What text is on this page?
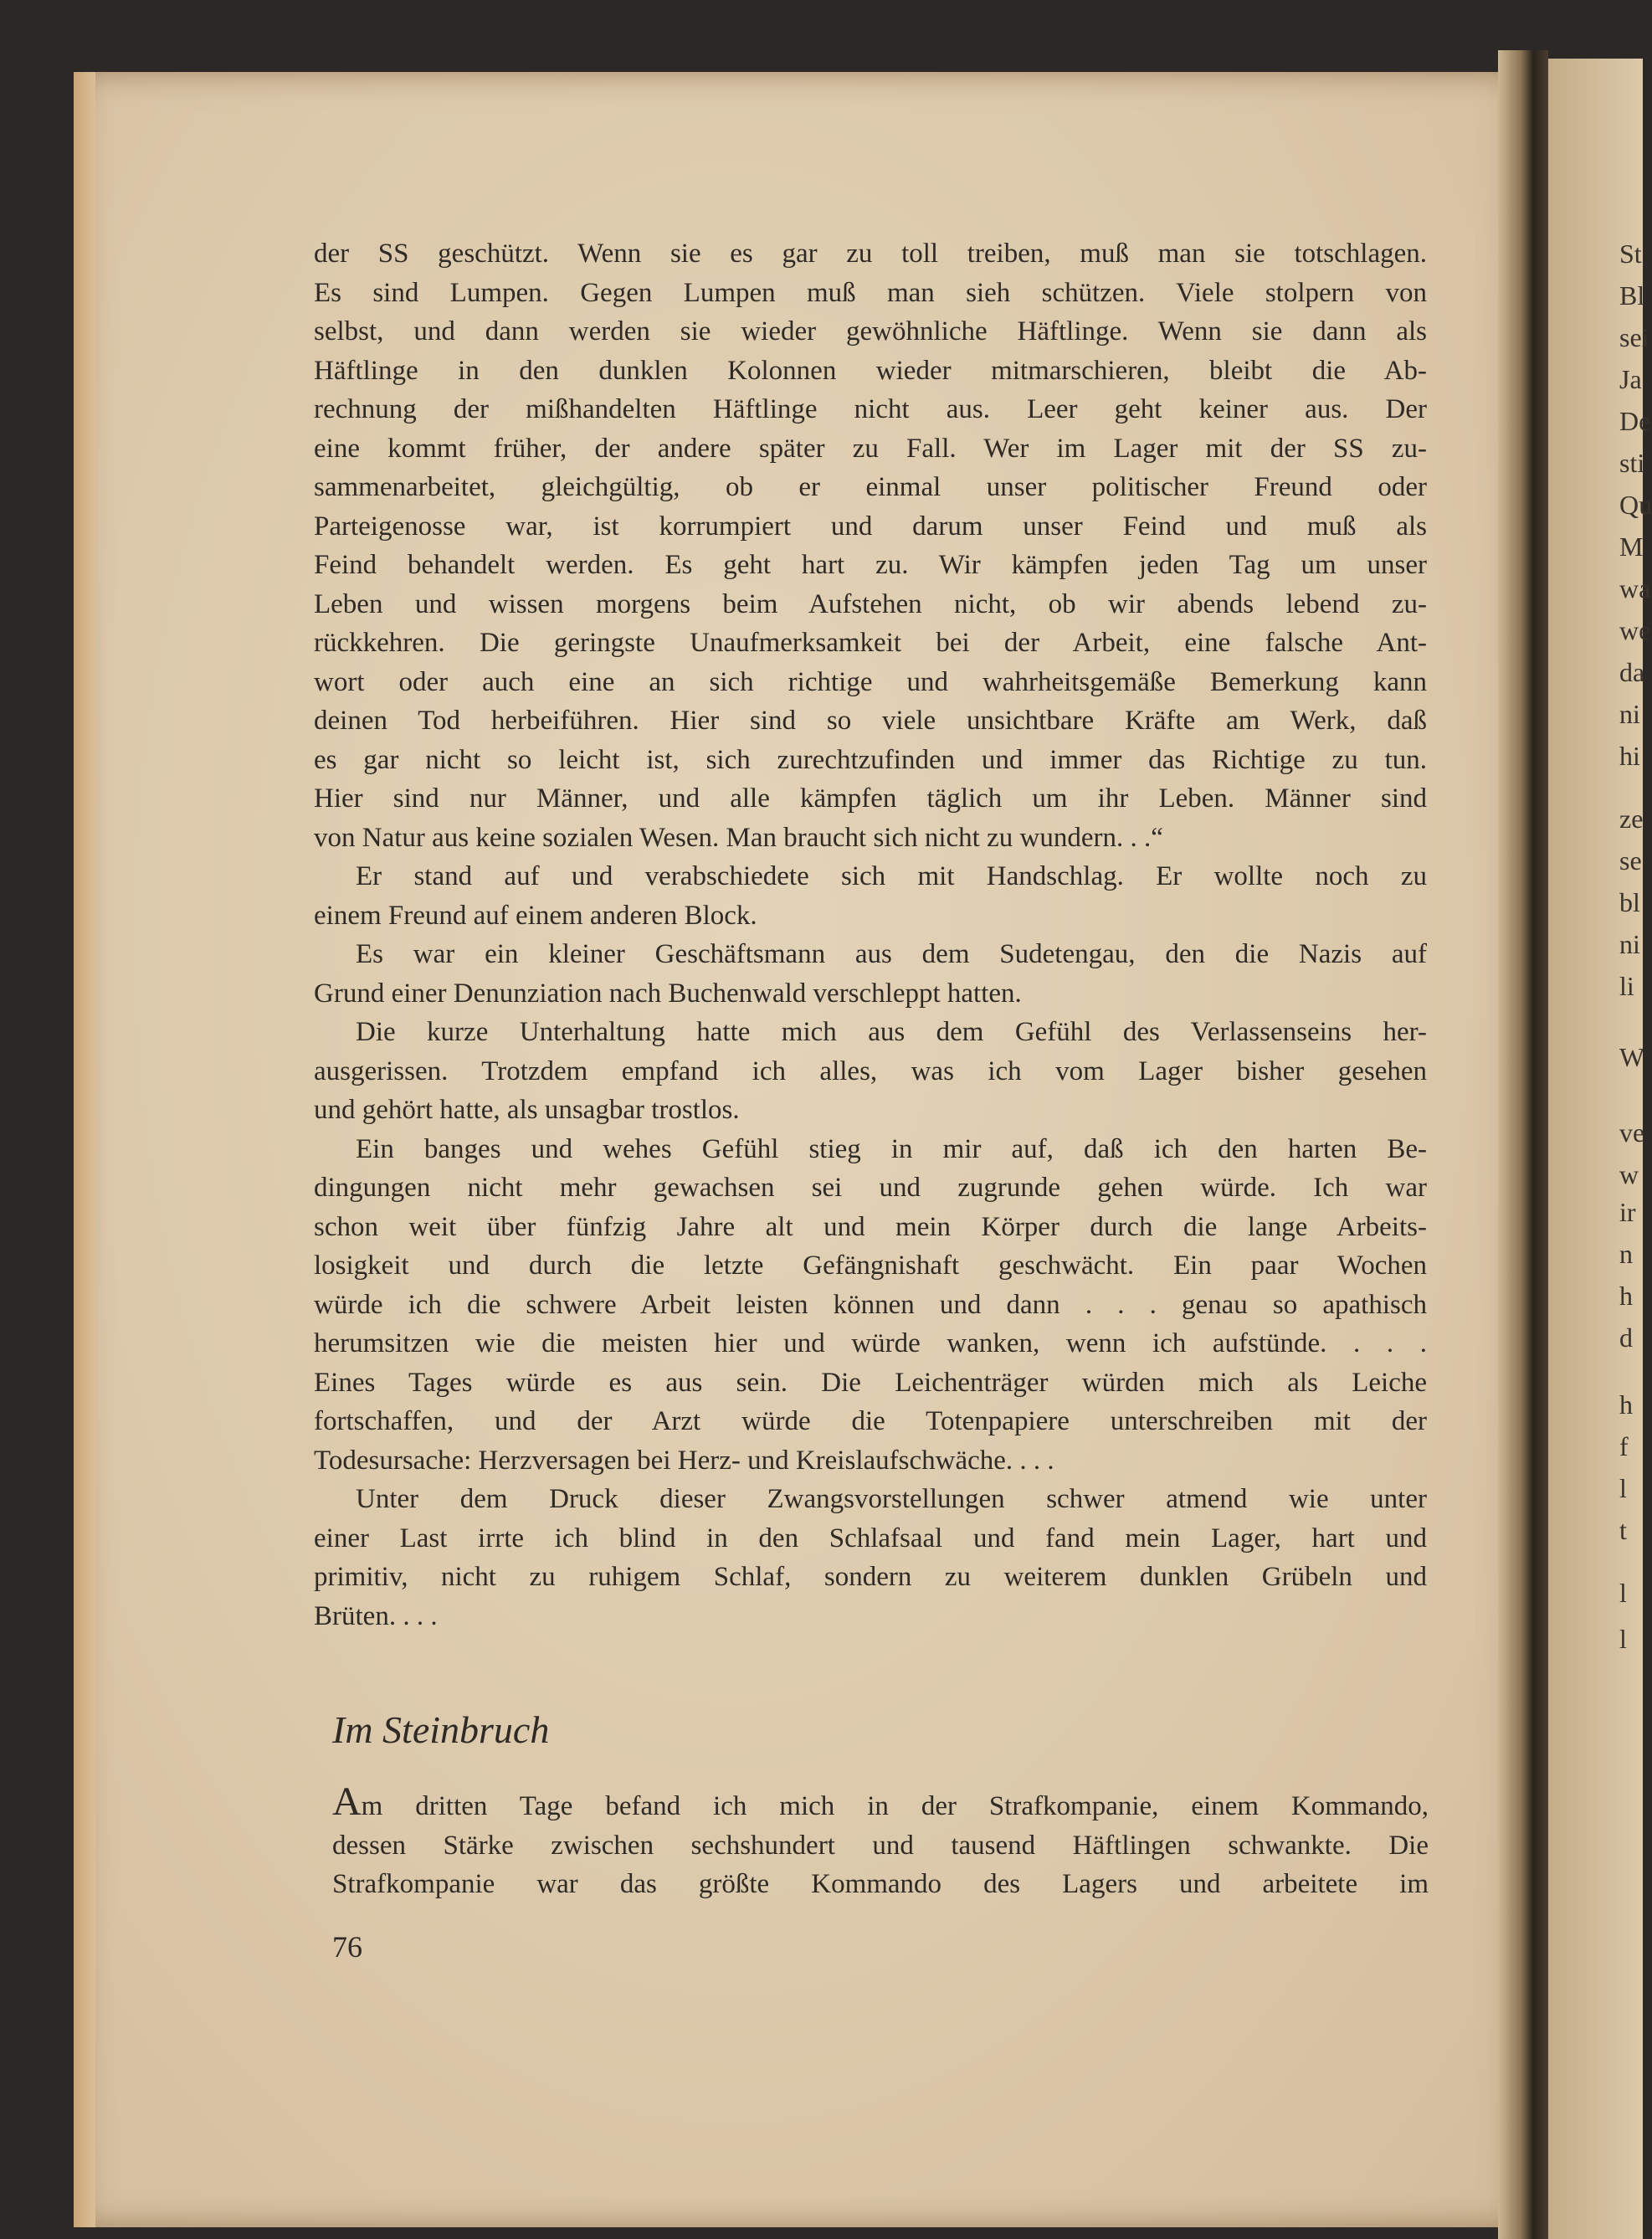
der SS geschützt. Wenn sie es gar zu toll treiben, muß man sie totschlagen.
Es sind Lumpen. Gegen Lumpen muß man sieh schützen. Viele stolpern von
selbst, und dann werden sie wieder gewöhnliche Häftlinge. Wenn sie dann als
Häftlinge in den dunklen Kolonnen wieder mitmarschieren, bleibt die Ab-
rechnung der mißhandelten Häftlinge nicht aus. Leer geht keiner aus. Der
eine kommt früher, der andere später zu Fall. Wer im Lager mit der SS zu-
sammenarbeitet, gleichgültig, ob er einmal unser politischer Freund oder
Parteigenosse war, ist korrumpiert und darum unser Feind und muß als
Feind behandelt werden. Es geht hart zu. Wir kämpfen jeden Tag um unser
Leben und wissen morgens beim Aufstehen nicht, ob wir abends lebend zu-
rückkehren. Die geringste Unaufmerksamkeit bei der Arbeit, eine falsche Ant-
wort oder auch eine an sich richtige und wahrheitsgemäße Bemerkung kann
deinen Tod herbeiführen. Hier sind so viele unsichtbare Kräfte am Werk, daß
es gar nicht so leicht ist, sich zurechtzufinden und immer das Richtige zu tun.
Hier sind nur Männer, und alle kämpfen täglich um ihr Leben. Männer sind
von Natur aus keine sozialen Wesen. Man braucht sich nicht zu wundern. . .“
Er stand auf und verabschiedete sich mit Handschlag. Er wollte noch zu
einem Freund auf einem anderen Block.
Es war ein kleiner Geschäftsmann aus dem Sudetengau, den die Nazis auf
Grund einer Denunziation nach Buchenwald verschleppt hatten.
Die kurze Unterhaltung hatte mich aus dem Gefühl des Verlassenseins her-
ausgerissen. Trotzdem empfand ich alles, was ich vom Lager bisher gesehen
und gehört hatte, als unsagbar trostlos.
Ein banges und wehes Gefühl stieg in mir auf, daß ich den harten Be-
dingungen nicht mehr gewachsen sei und zugrunde gehen würde. Ich war
schon weit über fünfzig Jahre alt und mein Körper durch die lange Arbeits-
losigkeit und durch die letzte Gefängnishaft geschwächt. Ein paar Wochen
würde ich die schwere Arbeit leisten können und dann . . . genau so apathisch
herumsitzen wie die meisten hier und würde wanken, wenn ich aufstünde. . . .
Eines Tages würde es aus sein. Die Leichenträger würden mich als Leiche
fortschaffen, und der Arzt würde die Totenpapiere unterschreiben mit der
Todesursache: Herzversagen bei Herz- und Kreislaufschwäche. . . .
Unter dem Druck dieser Zwangsvorstellungen schwer atmend wie unter
einer Last irrte ich blind in den Schlafsaal und fand mein Lager, hart und
primitiv, nicht zu ruhigem Schlaf, sondern zu weiterem dunklen Grübeln und
Brüten. . . .
Im Steinbruch
Am dritten Tage befand ich mich in der Strafkompanie, einem Kommando,
dessen Stärke zwischen sechshundert und tausend Häftlingen schwankte. Die
Strafkompanie war das größte Kommando des Lagers und arbeitete im
76
St
Bl
sei
Ja
De
sti
Qu
M
wa
we
da
ni
hi
ze
se
bl
ni
li
W
ve
w
ir
n
h
d
h
f
l
t
l
l
